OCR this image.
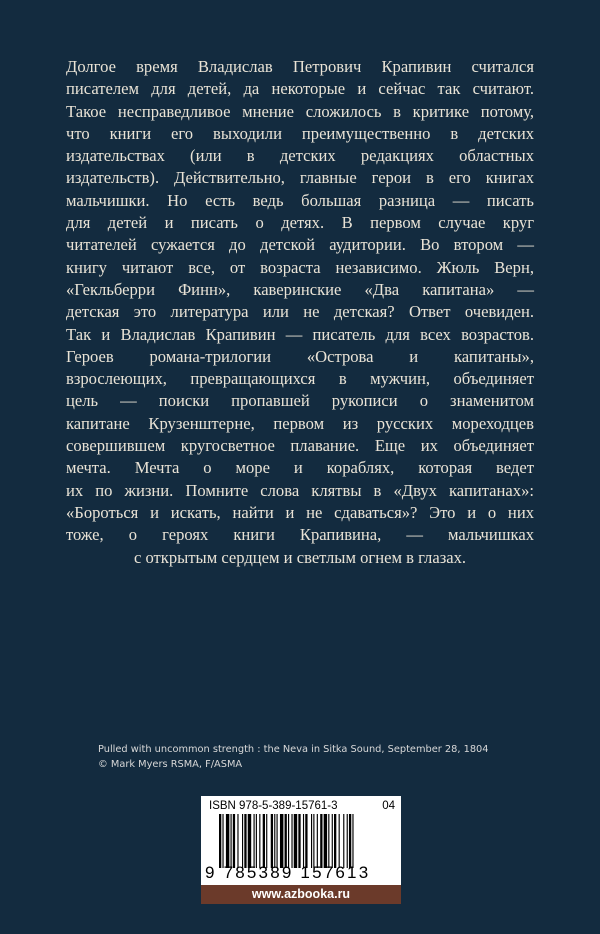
Долгое время Владислав Петрович Крапивин считался
писателем для детей, да некоторые и сейчас так считают.
Такое несправедливое мнение сложилось в критике потому,
что книги его выходили преимущественно в детских
издательствах (или в детских редакциях областных
издательств). Действительно, главные герои в его книгах
мальчишки. Но есть ведь большая разница — писать
для детей и писать о детях. В первом случае круг
читателей сужается до детской аудитории. Во втором —
книгу читают все, от возраста независимо. Жюль Верн,
«Гекльберри Финн», каверинские «Два капитана» —
детская это литература или не детская? Ответ очевиден.
Так и Владислав Крапивин — писатель для всех возрастов.
Героев романа-трилогии «Острова и капитаны»,
взрослеющих, превращающихся в мужчин, объединяет
цель — поиски пропавшей рукописи о знаменитом
капитане Крузенштерне, первом из русских мореходцев
совершившем кругосветное плавание. Еще их объединяет
мечта. Мечта о море и кораблях, которая ведет
их по жизни. Помните слова клятвы в «Двух капитанах»:
«Бороться и искать, найти и не сдаваться»? Это и о них
тоже, о героях книги Крапивина, — мальчишках
с открытым сердцем и светлым огнем в глазах.
Pulled with uncommon strength : the Neva in Sitka Sound, September 28, 1804
© Mark Myers RSMA, F/ASMA
ISBN 978-5-389-15761-3	04
9 785389 157613
www.azbooka.ru
